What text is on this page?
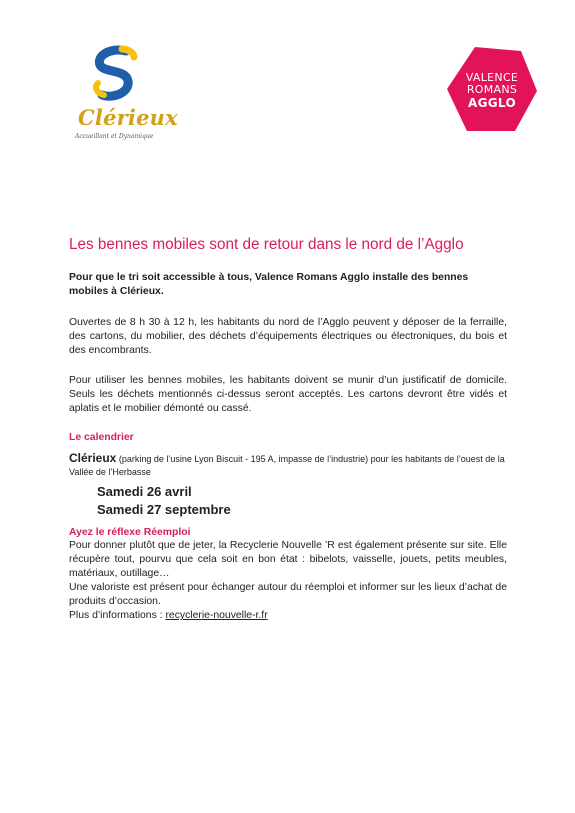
Clérieux
Accueillant et Dynamique
VALENCE
ROMANS
AGGLO
Les bennes mobiles sont de retour dans le nord de l’Agglo

Pour que le tri soit accessible à tous, Valence Romans Agglo installe des bennes mobiles à Clérieux.

Ouvertes de 8 h 30 à 12 h, les habitants du nord de l’Agglo peuvent y déposer de la ferraille, des cartons, du mobilier, des déchets d’équipements électriques ou électroniques, du bois et des encombrants.

Pour utiliser les bennes mobiles, les habitants doivent se munir d’un justificatif de domicile. Seuls les déchets mentionnés ci-dessus seront acceptés. Les cartons devront être vidés et aplatis et le mobilier démonté ou cassé.

Le calendrier

Clérieux (parking de l’usine Lyon Biscuit - 195 A, impasse de l’industrie) pour les habitants de l’ouest de la Vallée de l’Herbasse

Samedi 26 avril
Samedi 27 septembre
Ayez le réflexe Réemploi
Pour donner plutôt que de jeter, la Recyclerie Nouvelle ’R est également présente sur site. Elle récupère tout, pourvu que cela soit en bon état : bibelots, vaisselle, jouets, petits meubles, matériaux, outillage…
Une valoriste est présent pour échanger autour du réemploi et informer sur les lieux d’achat de produits d’occasion.
Plus d’informations : recyclerie-nouvelle-r.fr
